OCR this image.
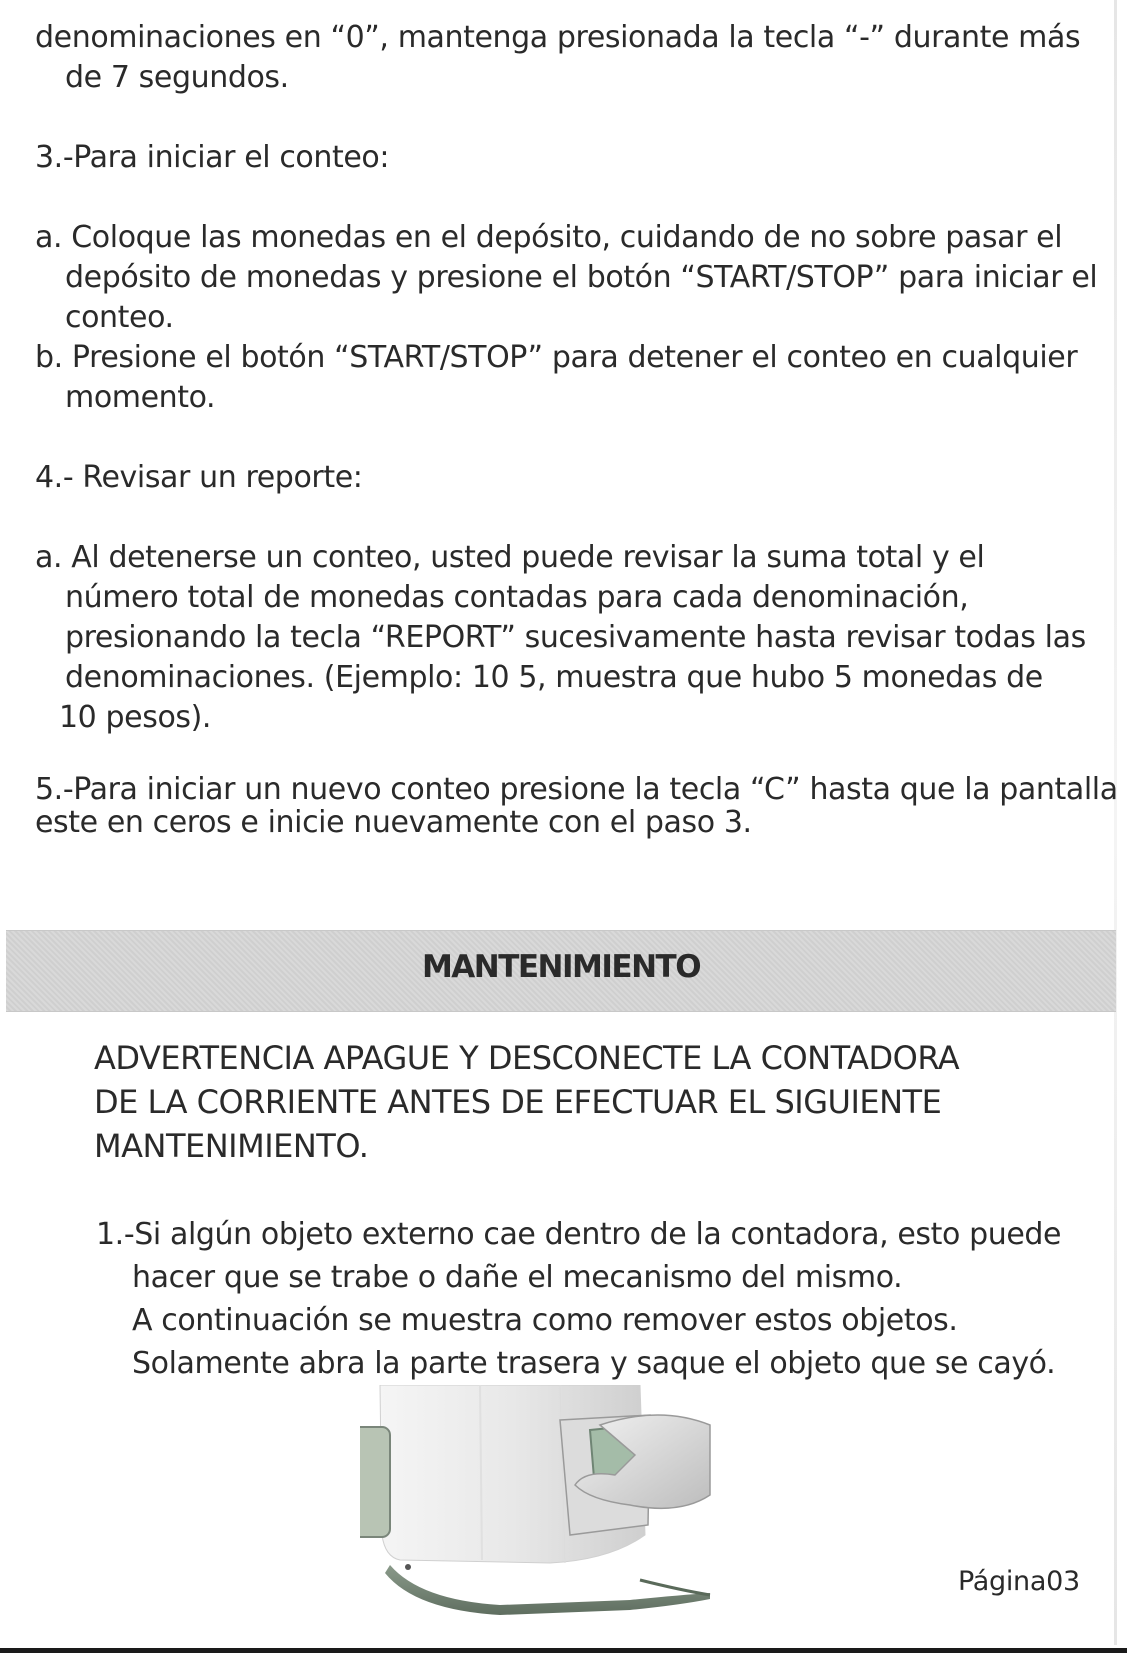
denominaciones en “0”, mantenga presionada la tecla “-” durante más
de 7 segundos.
3.-Para iniciar el conteo:
a. Coloque las monedas en el depósito, cuidando de no sobre pasar el
depósito de monedas y presione el botón “START/STOP” para iniciar el
conteo.
b. Presione el botón “START/STOP” para detener el conteo en cualquier
momento.
4.- Revisar un reporte:
a. Al detenerse un conteo, usted puede revisar la suma total y el
número total de monedas contadas para cada denominación,
presionando la tecla “REPORT” sucesivamente hasta revisar todas las
denominaciones. (Ejemplo: 10 5, muestra que hubo 5 monedas de
10 pesos).
5.-Para iniciar un nuevo conteo presione la tecla “C” hasta que la pantalla
este en ceros e inicie nuevamente con el paso 3.
MANTENIMIENTO
ADVERTENCIA APAGUE Y DESCONECTE LA CONTADORA
DE LA CORRIENTE ANTES DE EFECTUAR EL SIGUIENTE
MANTENIMIENTO.
1.-Si algún objeto externo cae dentro de la contadora, esto puede
hacer que se trabe o dañe el mecanismo del mismo.
A continuación se muestra como remover estos objetos.
Solamente abra la parte trasera y saque el objeto que se cayó.
Página03
